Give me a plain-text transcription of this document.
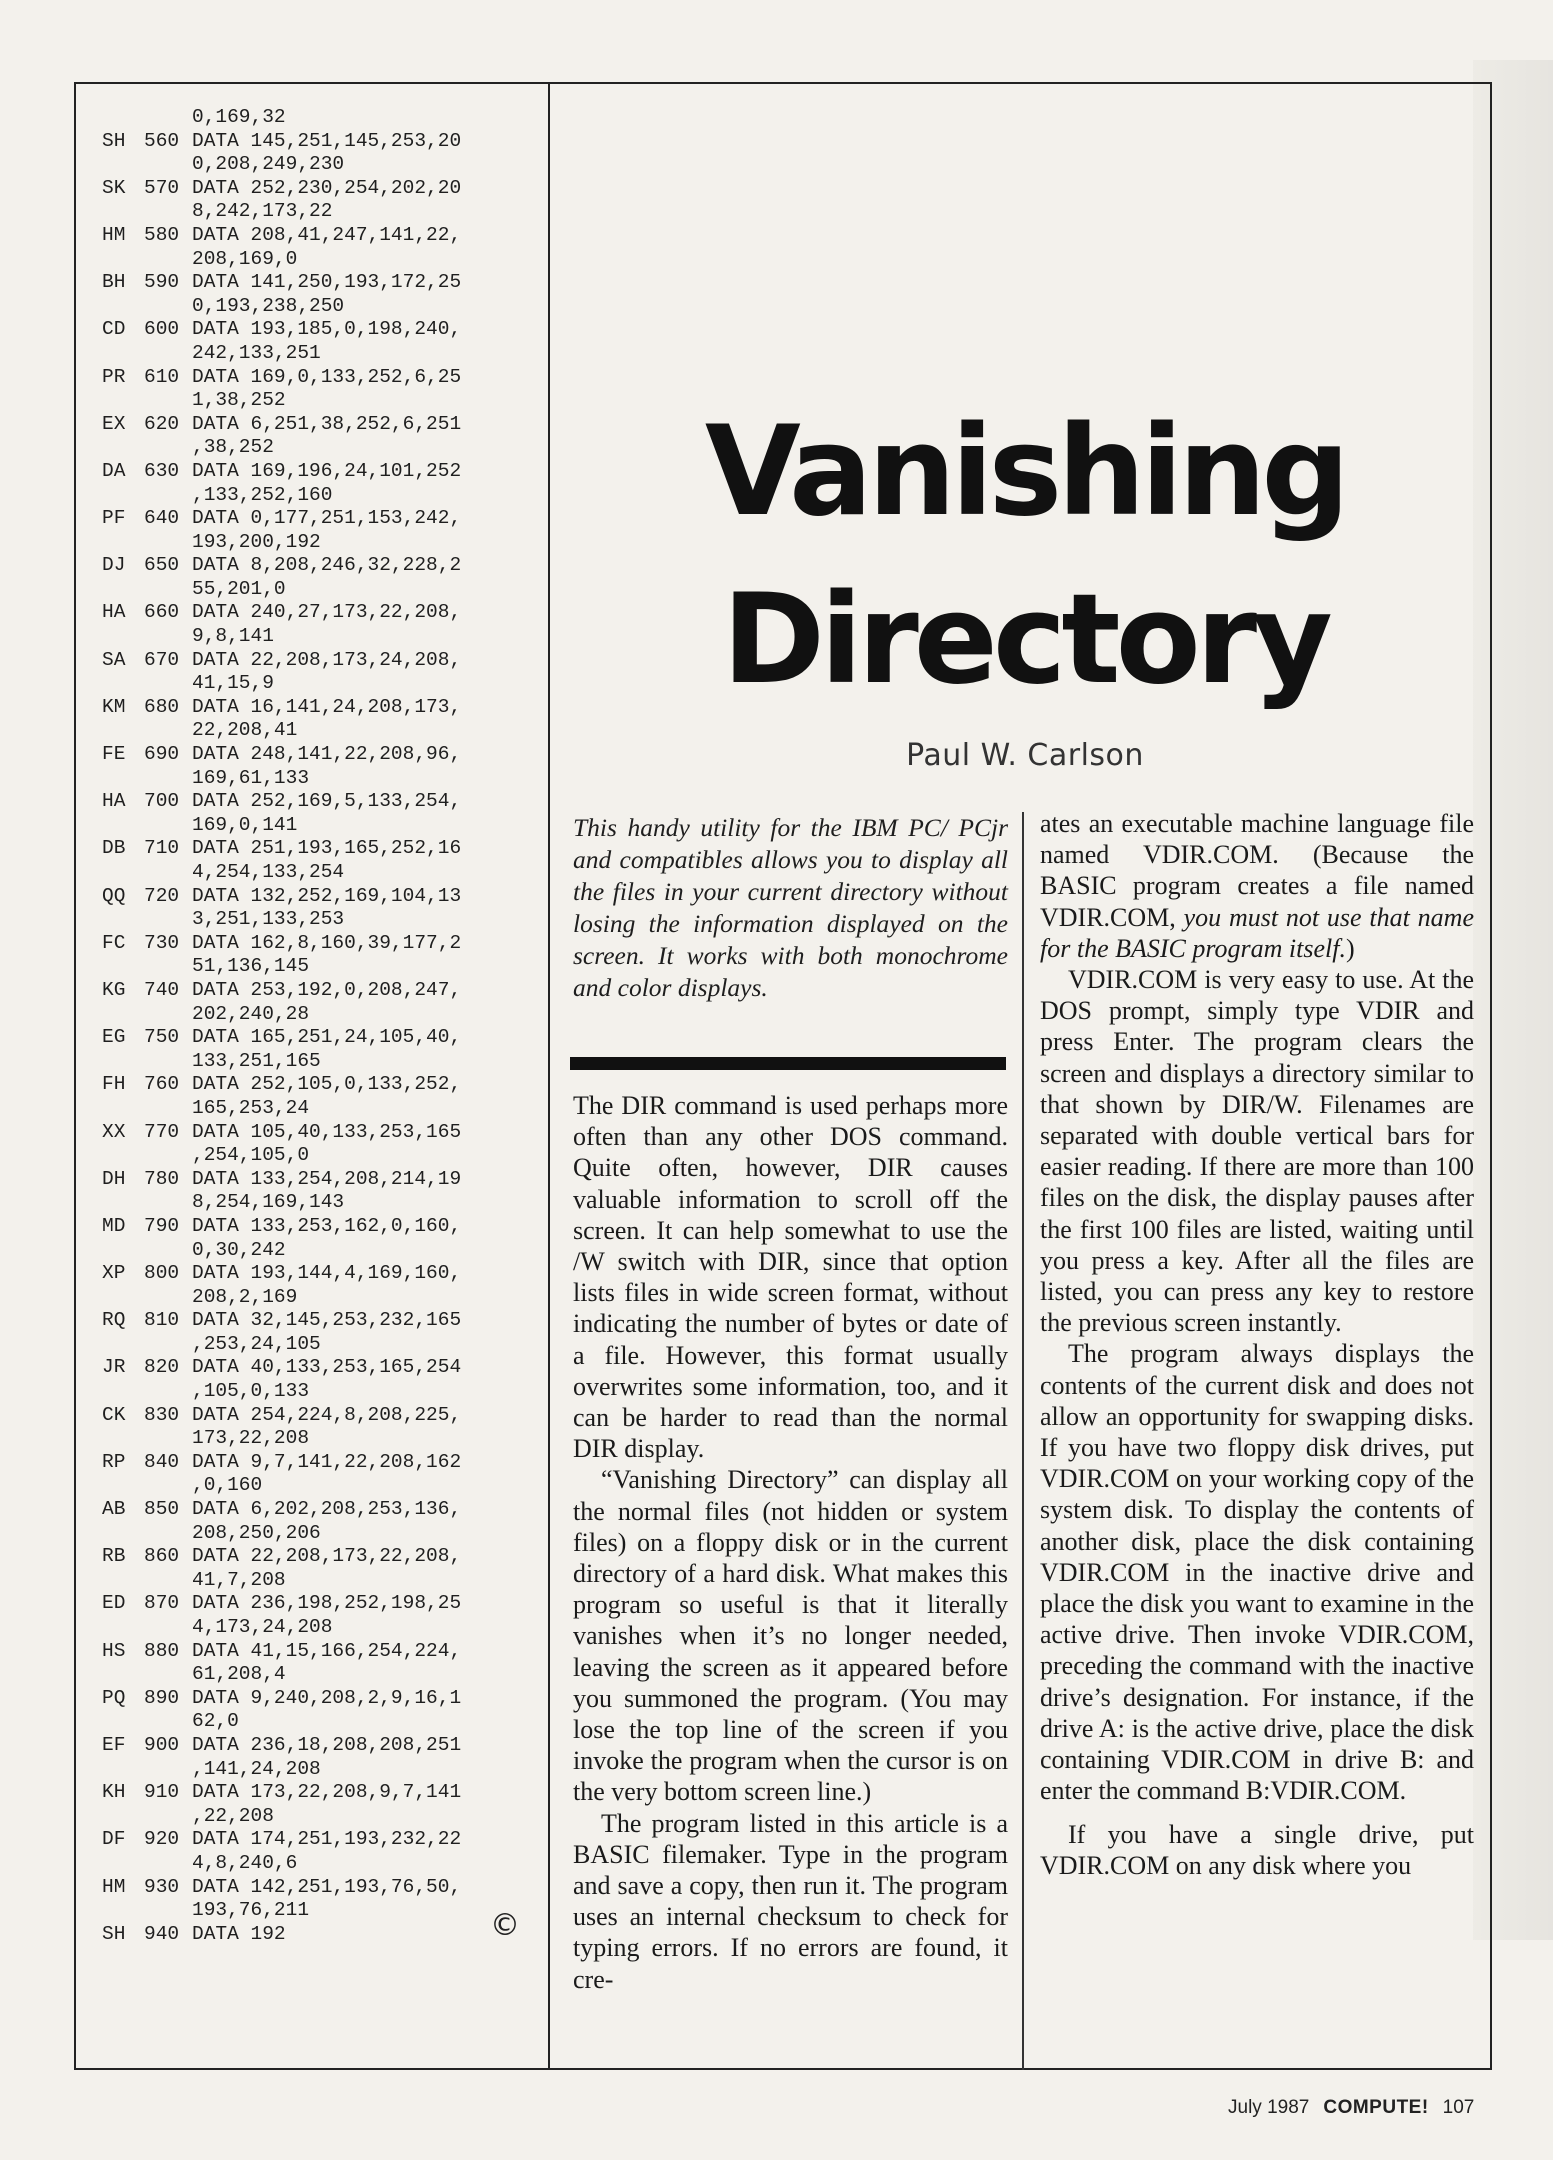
0,169,32
SH 560 DATA 145,251,145,253,20
0,208,249,230
SK 570 DATA 252,230,254,202,20
8,242,173,22
HM 580 DATA 208,41,247,141,22,
208,169,0
BH 590 DATA 141,250,193,172,25
0,193,238,250
CD 600 DATA 193,185,0,198,240,
242,133,251
PR 610 DATA 169,0,133,252,6,25
1,38,252
EX 620 DATA 6,251,38,252,6,251
,38,252
DA 630 DATA 169,196,24,101,252
,133,252,160
PF 640 DATA 0,177,251,153,242,
193,200,192
DJ 650 DATA 8,208,246,32,228,2
55,201,0
HA 660 DATA 240,27,173,22,208,
9,8,141
SA 670 DATA 22,208,173,24,208,
41,15,9
KM 680 DATA 16,141,24,208,173,
22,208,41
FE 690 DATA 248,141,22,208,96,
169,61,133
HA 700 DATA 252,169,5,133,254,
169,0,141
DB 710 DATA 251,193,165,252,16
4,254,133,254
QQ 720 DATA 132,252,169,104,13
3,251,133,253
FC 730 DATA 162,8,160,39,177,2
51,136,145
KG 740 DATA 253,192,0,208,247,
202,240,28
EG 750 DATA 165,251,24,105,40,
133,251,165
FH 760 DATA 252,105,0,133,252,
165,253,24
XX 770 DATA 105,40,133,253,165
,254,105,0
DH 780 DATA 133,254,208,214,19
8,254,169,143
MD 790 DATA 133,253,162,0,160,
0,30,242
XP 800 DATA 193,144,4,169,160,
208,2,169
RQ 810 DATA 32,145,253,232,165
,253,24,105
JR 820 DATA 40,133,253,165,254
,105,0,133
CK 830 DATA 254,224,8,208,225,
173,22,208
RP 840 DATA 9,7,141,22,208,162
,0,160
AB 850 DATA 6,202,208,253,136,
208,250,206
RB 860 DATA 22,208,173,22,208,
41,7,208
ED 870 DATA 236,198,252,198,25
4,173,24,208
HS 880 DATA 41,15,166,254,224,
61,208,4
PQ 890 DATA 9,240,208,2,9,16,1
62,0
EF 900 DATA 236,18,208,208,251
,141,24,208
KH 910 DATA 173,22,208,9,7,141
,22,208
DF 920 DATA 174,251,193,232,22
4,8,240,6
HM 930 DATA 142,251,193,76,50,
193,76,211
SH 940 DATA 192	©
Vanishing
Directory
Paul W. Carlson
This handy utility for the IBM PC/ PCjr and compatibles allows you to display all the files in your current directory without losing the information displayed on the screen. It works with both monochrome and color displays.

The DIR command is used perhaps more often than any other DOS command. Quite often, however, DIR causes valuable information to scroll off the screen. It can help somewhat to use the /W switch with DIR, since that option lists files in wide screen format, without indicating the number of bytes or date of a file. However, this format usually overwrites some information, too, and it can be harder to read than the normal DIR display.

“Vanishing Directory” can display all the normal files (not hidden or system files) on a floppy disk or in the current directory of a hard disk. What makes this program so useful is that it literally vanishes when it’s no longer needed, leaving the screen as it appeared before you summoned the program. (You may lose the top line of the screen if you invoke the program when the cursor is on the very bottom screen line.)

The program listed in this article is a BASIC filemaker. Type in the program and save a copy, then run it. The program uses an internal checksum to check for typing errors. If no errors are found, it cre-

ates an executable machine language file named VDIR.COM. (Because the BASIC program creates a file named VDIR.COM, you must not use that name for the BASIC program itself.)

VDIR.COM is very easy to use. At the DOS prompt, simply type VDIR and press Enter. The program clears the screen and displays a directory similar to that shown by DIR/W. Filenames are separated with double vertical bars for easier reading. If there are more than 100 files on the disk, the display pauses after the first 100 files are listed, waiting until you press a key. After all the files are listed, you can press any key to restore the previous screen instantly.

The program always displays the contents of the current disk and does not allow an opportunity for swapping disks. If you have two floppy disk drives, put VDIR.COM on your working copy of the system disk. To display the contents of another disk, place the disk containing VDIR.COM in the inactive drive and place the disk you want to examine in the active drive. Then invoke VDIR.COM, preceding the command with the inactive drive’s designation. For instance, if the drive A: is the active drive, place the disk containing VDIR.COM in drive B: and enter the command B:VDIR.COM.

If you have a single drive, put VDIR.COM on any disk where you

July 1987 COMPUTE! 107
